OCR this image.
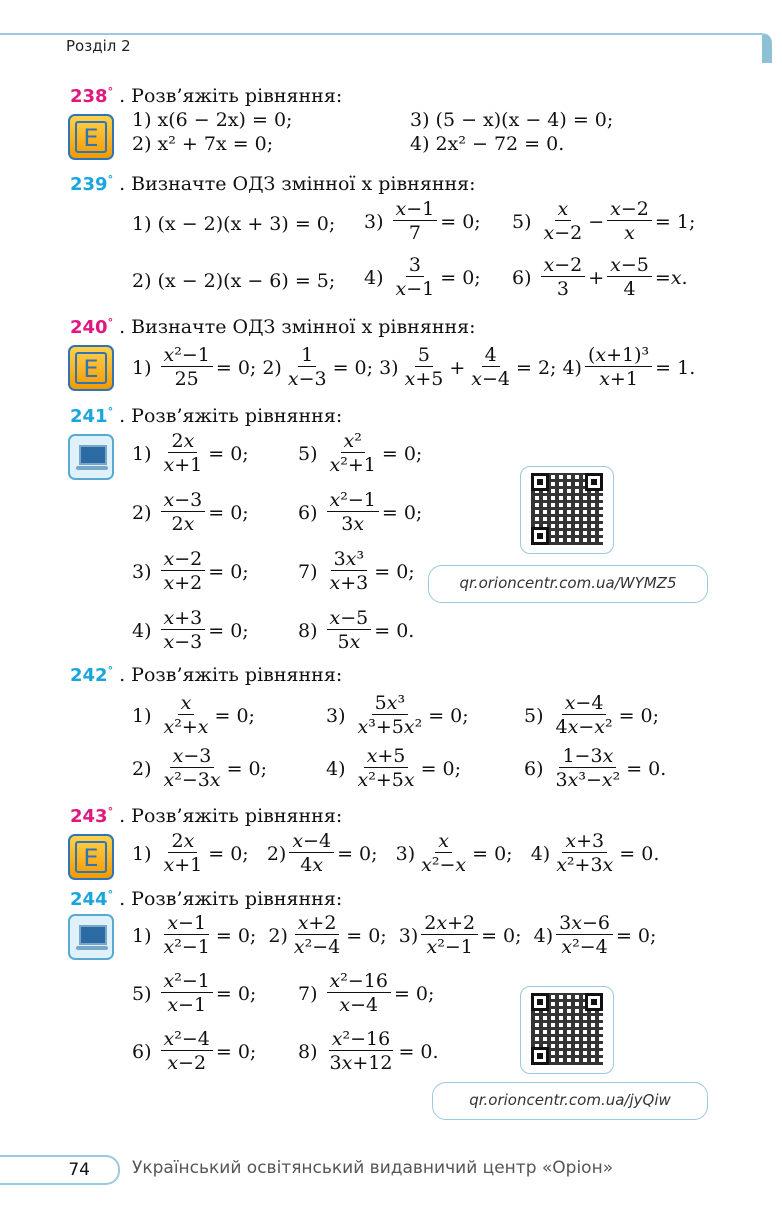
Розділ 2
238° . Розв’яжіть рівняння:
E
1) x(6 − 2x) = 0;
2) x² + 7x = 0;
3) (5 − x)(x − 4) = 0;
4) 2x² − 72 = 0.
239° . Визначте ОДЗ змінної x рівняння:
1) (x − 2)(x + 3) = 0;
2) (x − 2)(x − 6) = 5;
$3) \frac{x-1}{7} = 0$;
$4) \frac{3}{x-1} = 0$;
$5) \frac{x}{x-2} - \frac{x-2}{x} = 1$;
$6) \frac{x-2}{3} + \frac{x-5}{4} = x$ .
240° . Визначте ОДЗ змінної x рівняння:
E	$1) \frac{\text{x²−1}}{25} = 0$; $2) \frac{1}{x-3} = 0$; $3) \frac{5}{x+5} + \frac{4}{x-4} = 2$; $4) \frac{\text{(x+1)³}}{x+1} = 1$.
241° . Розв’яжіть рівняння:
$1) \frac{2x}{x+1} = 0$;
$2) \frac{x-3}{2x} = 0$;
$3) \frac{x-2}{x+2} = 0$;
$4) \frac{x+3}{x-3} = 0$;
$5) \frac{\text{x²}}{\text{x²+1}} = 0$;
$6) \frac{\text{x²−1}}{3x} = 0$;
$7) \frac{\text{3x³}}{x+3} = 0$;
$8) \frac{x-5}{5x} = 0$.
qr.orioncentr.com.ua/WYMZ5
242° . Розв’яжіть рівняння:
$1) \frac{x}{\text{x²+x}} = 0$;
$2) \frac{x-3}{\text{x²−3x}} = 0$;
$3) \frac{\text{5x³}}{\text{x³+5x²}} = 0$;
$4) \frac{x+5}{\text{x²+5x}} = 0$;
$5) \frac{x-4}{\text{4x−x²}} = 0$;
$6) \frac{1-3x}{\text{3x³−x²}} = 0$.
243° . Розв’яжіть рівняння:
E	$1) \frac{2x}{x+1} = 0$;   $2) \frac{x-4}{4x} = 0$;   $3) \frac{x}{\text{x²−x}} = 0$;   $4) \frac{x+3}{\text{x²+3x}} = 0$.
244° . Розв’яжіть рівняння:
$1) \frac{x-1}{\text{x²−1}} = 0$;  $2) \frac{x+2}{\text{x²−4}} = 0$;  $3) \frac{2x+2}{\text{x²−1}} = 0$;  $4) \frac{3x-6}{\text{x²−4}} = 0$;
$5) \frac{\text{x²−1}}{x-1} = 0$;
$6) \frac{\text{x²−4}}{x-2} = 0$;
$7) \frac{\text{x²−16}}{x-4} = 0$;
$8) \frac{\text{x²−16}}{3x+12} = 0$.
qr.orioncentr.com.ua/jyQiw
74	Український освітянський видавничий центр «Оріон»
